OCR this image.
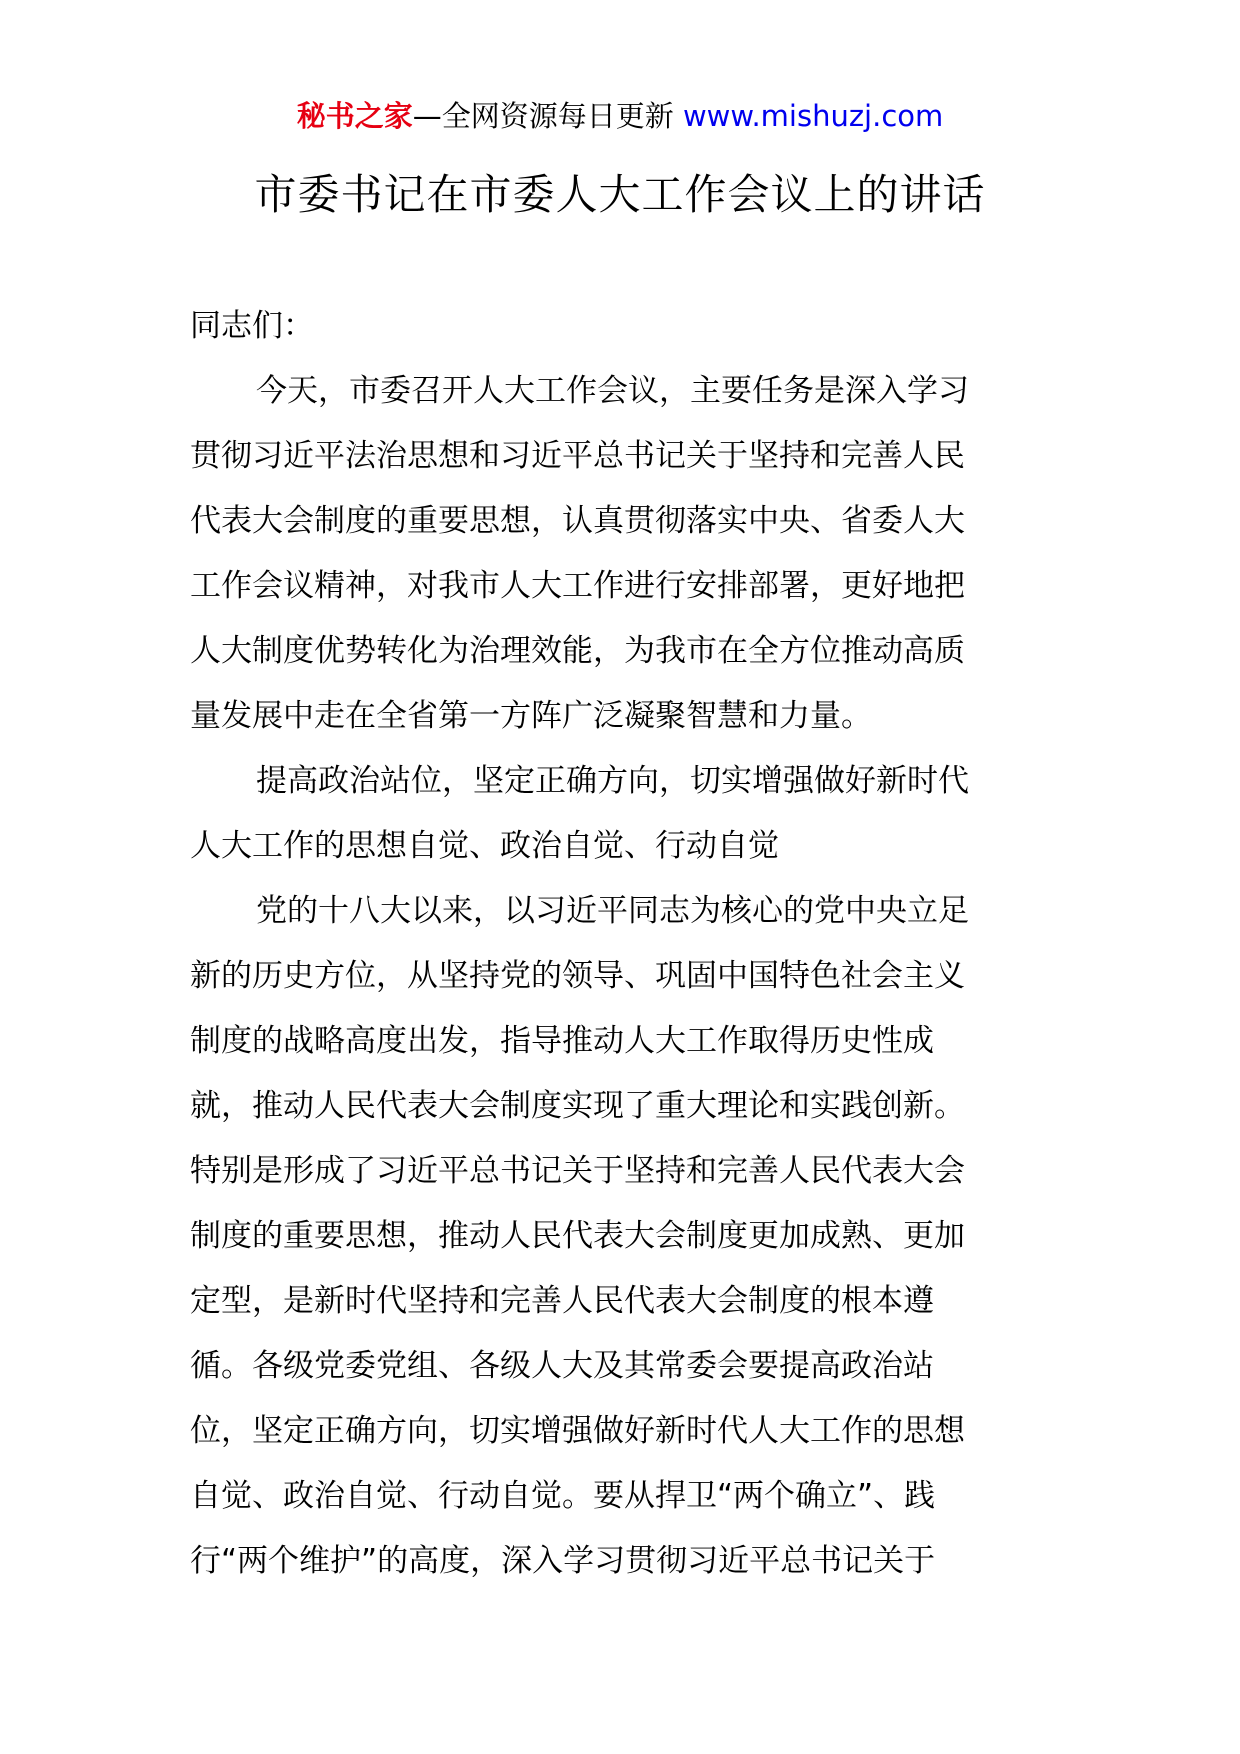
秘书之家—全网资源每日更新 www.mishuzj.com
市委书记在市委人大工作会议上的讲话
同志们：
今天，市委召开人大工作会议，主要任务是深入学习
贯彻习近平法治思想和习近平总书记关于坚持和完善人民
代表大会制度的重要思想，认真贯彻落实中央、省委人大
工作会议精神，对我市人大工作进行安排部署，更好地把
人大制度优势转化为治理效能，为我市在全方位推动高质
量发展中走在全省第一方阵广泛凝聚智慧和力量。
提高政治站位，坚定正确方向，切实增强做好新时代
人大工作的思想自觉、政治自觉、行动自觉
党的十八大以来，以习近平同志为核心的党中央立足
新的历史方位，从坚持党的领导、巩固中国特色社会主义
制度的战略高度出发，指导推动人大工作取得历史性成
就，推动人民代表大会制度实现了重大理论和实践创新。
特别是形成了习近平总书记关于坚持和完善人民代表大会
制度的重要思想，推动人民代表大会制度更加成熟、更加
定型，是新时代坚持和完善人民代表大会制度的根本遵
循。各级党委党组、各级人大及其常委会要提高政治站
位，坚定正确方向，切实增强做好新时代人大工作的思想
自觉、政治自觉、行动自觉。要从捍卫“两个确立”、践
行“两个维护”的高度，深入学习贯彻习近平总书记关于
